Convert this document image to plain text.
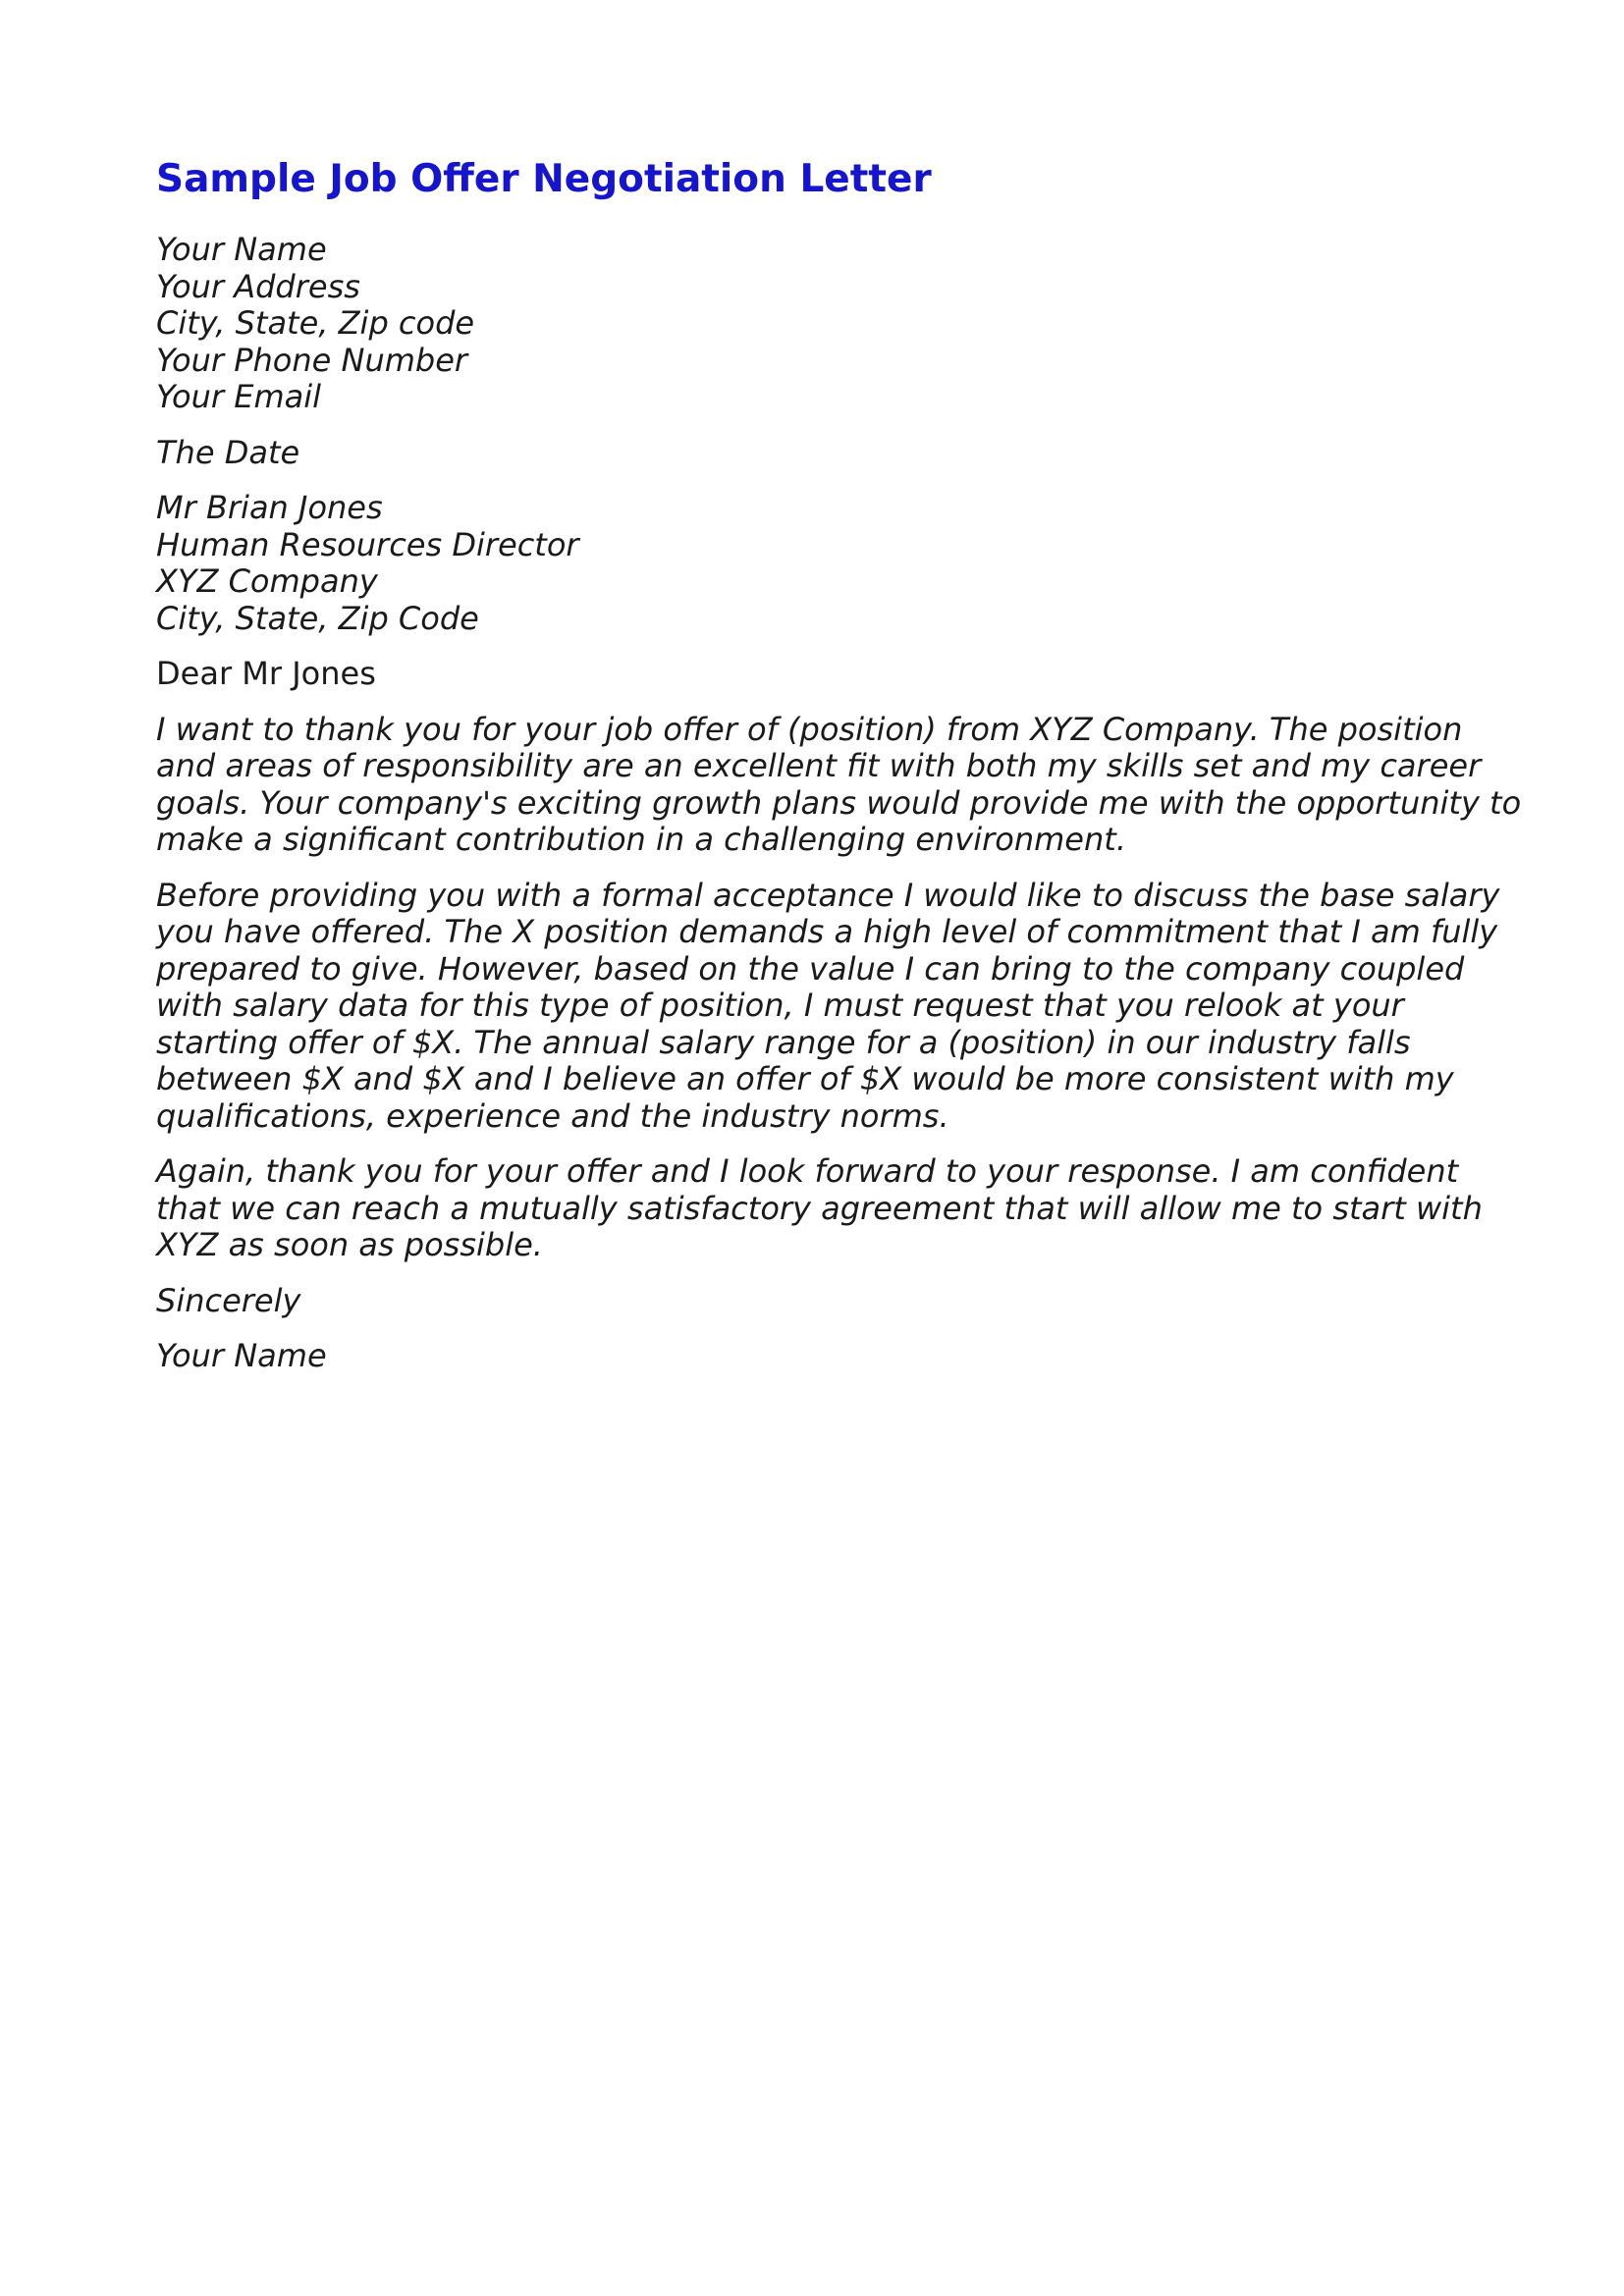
Sample Job Offer Negotiation Letter
Your Name
Your Address
City, State, Zip code
Your Phone Number
Your Email
The Date
Mr Brian Jones
Human Resources Director
XYZ Company
City, State, Zip Code
Dear Mr Jones
I want to thank you for your job offer of (position) from XYZ Company. The position
and areas of responsibility are an excellent fit with both my skills set and my career
goals. Your company's exciting growth plans would provide me with the opportunity to
make a significant contribution in a challenging environment.
Before providing you with a formal acceptance I would like to discuss the base salary
you have offered. The X position demands a high level of commitment that I am fully
prepared to give. However, based on the value I can bring to the company coupled
with salary data for this type of position, I must request that you relook at your
starting offer of $X. The annual salary range for a (position) in our industry falls
between $X and $X and I believe an offer of $X would be more consistent with my
qualifications, experience and the industry norms.
Again, thank you for your offer and I look forward to your response. I am confident
that we can reach a mutually satisfactory agreement that will allow me to start with
XYZ as soon as possible.
Sincerely
Your Name
